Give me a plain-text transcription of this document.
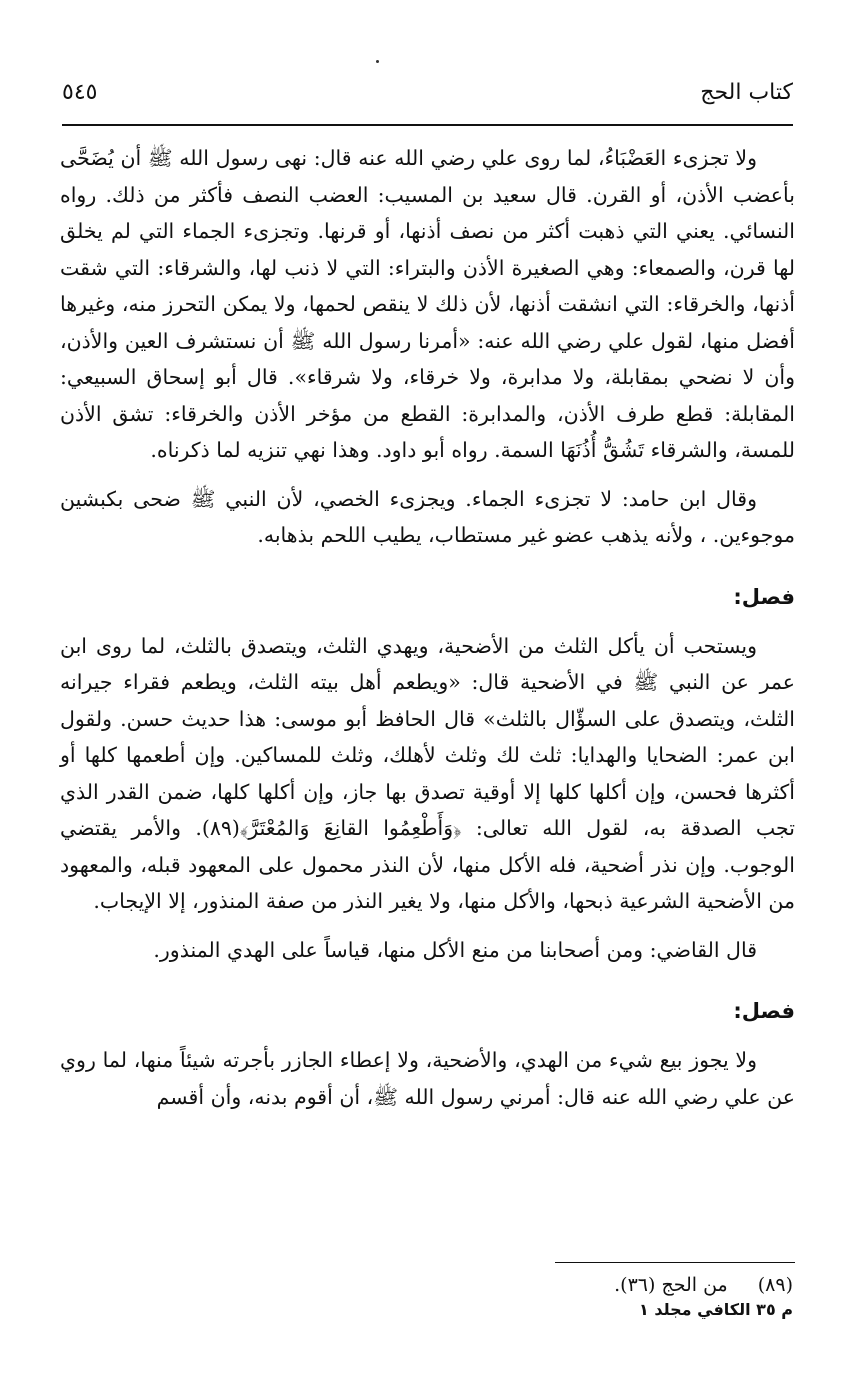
كتاب الحج
٥٤٥

ولا تجزىء العَضْبَاءُ، لما روى علي رضي الله عنه قال: نهى رسول الله ﷺ أن يُضَحَّى بأعضب الأذن، أو القرن. قال سعيد بن المسيب: العضب النصف فأكثر من ذلك. رواه النسائي. يعني التي ذهبت أكثر من نصف أذنها، أو قرنها. وتجزىء الجماء التي لم يخلق لها قرن، والصمعاء: وهي الصغيرة الأذن والبتراء: التي لا ذنب لها، والشرقاء: التي شقت أذنها، والخرقاء: التي انشقت أذنها، لأن ذلك لا ينقص لحمها، ولا يمكن التحرز منه، وغيرها أفضل منها، لقول علي رضي الله عنه: «أمرنا رسول الله ﷺ أن نستشرف العين والأذن، وأن لا نضحي بمقابلة، ولا مدابرة، ولا خرقاء، ولا شرقاء». قال أبو إسحاق السبيعي: المقابلة: قطع طرف الأذن، والمدابرة: القطع من مؤخر الأذن والخرقاء: تشق الأذن للمسة، والشرقاء تَشُقُّ أُذُنَهَا السمة. رواه أبو داود. وهذا نهي تنزيه لما ذكرناه.

وقال ابن حامد: لا تجزىء الجماء. ويجزىء الخصي، لأن النبي ﷺ ضحى بكبشين موجوءين. ، ولأنه يذهب عضو غير مستطاب، يطيب اللحم بذهابه.

فصل:

ويستحب أن يأكل الثلث من الأضحية، ويهدي الثلث، ويتصدق بالثلث، لما روى ابن عمر عن النبي ﷺ في الأضحية قال: «ويطعم أهل بيته الثلث، ويطعم فقراء جيرانه الثلث، ويتصدق على السؤّال بالثلث» قال الحافظ أبو موسى: هذا حديث حسن. ولقول ابن عمر: الضحايا والهدايا: ثلث لك وثلث لأهلك، وثلث للمساكين. وإن أطعمها كلها أو أكثرها فحسن، وإن أكلها كلها إلا أوقية تصدق بها جاز، وإن أكلها كلها، ضمن القدر الذي تجب الصدقة به، لقول الله تعالى: ﴿وَأَطْعِمُوا القانِعَ وَالمُعْتَرَّ﴾(٨٩). والأمر يقتضي الوجوب. وإن نذر أضحية، فله الأكل منها، لأن النذر محمول على المعهود قبله، والمعهود من الأضحية الشرعية ذبحها، والأكل منها، ولا يغير النذر من صفة المنذور، إلا الإيجاب.

قال القاضي: ومن أصحابنا من منع الأكل منها، قياساً على الهدي المنذور.

فصل:

ولا يجوز بيع شيء من الهدي، والأضحية، ولا إعطاء الجازر بأجرته شيئاً منها، لما روي عن علي رضي الله عنه قال: أمرني رسول الله ﷺ، أن أقوم بدنه، وأن أقسم

(٨٩)
من الحج (٣٦).
م ٣٥ الكافي مجلد ١
